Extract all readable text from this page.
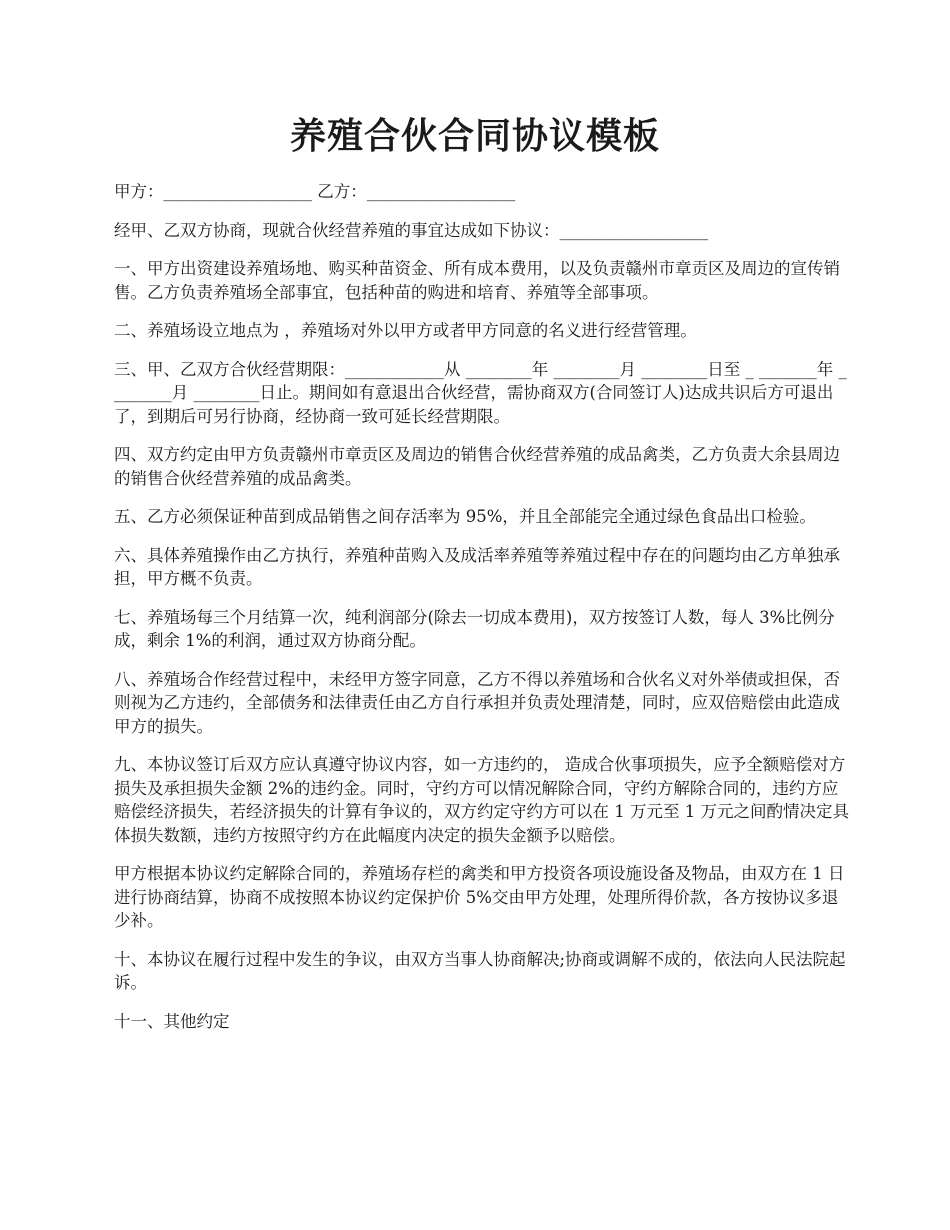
养殖合伙合同协议模板

甲方：__________________ 乙方：__________________

经甲、乙双方协商，现就合伙经营养殖的事宜达成如下协议：__________________

一、甲方出资建设养殖场地、购买种苗资金、所有成本费用，以及负责赣州市章贡区及周边的宣传销售。乙方负责养殖场全部事宜，包括种苗的购进和培育、养殖等全部事项。

二、养殖场设立地点为 ，养殖场对外以甲方或者甲方同意的名义进行经营管理。

三、甲、乙双方合伙经营期限：____________从 ________年 ________月 ________日至 _ _______年 ________月 ________日止。期间如有意退出合伙经营，需协商双方(合同签订人)达成共识后方可退出了，到期后可另行协商，经协商一致可延长经营期限。

四、双方约定由甲方负责赣州市章贡区及周边的销售合伙经营养殖的成品禽类，乙方负责大余县周边的销售合伙经营养殖的成品禽类。

五、乙方必须保证种苗到成品销售之间存活率为 95%，并且全部能完全通过绿色食品出口检验。

六、具体养殖操作由乙方执行，养殖种苗购入及成活率养殖等养殖过程中存在的问题均由乙方单独承担，甲方概不负责。

七、养殖场每三个月结算一次，纯利润部分(除去一切成本费用)，双方按签订人数，每人 3%比例分成，剩余 1%的利润，通过双方协商分配。

八、养殖场合作经营过程中，未经甲方签字同意，乙方不得以养殖场和合伙名义对外举债或担保，否则视为乙方违约，全部债务和法律责任由乙方自行承担并负责处理清楚，同时，应双倍赔偿由此造成甲方的损失。

九、本协议签订后双方应认真遵守协议内容，如一方违约的， 造成合伙事项损失，应予全额赔偿对方损失及承担损失金额 2%的违约金。同时，守约方可以情况解除合同，守约方解除合同的，违约方应赔偿经济损失，若经济损失的计算有争议的，双方约定守约方可以在 1 万元至 1 万元之间酌情决定具体损失数额，违约方按照守约方在此幅度内决定的损失金额予以赔偿。

甲方根据本协议约定解除合同的，养殖场存栏的禽类和甲方投资各项设施设备及物品，由双方在 1 日进行协商结算，协商不成按照本协议约定保护价 5%交由甲方处理，处理所得价款，各方按协议多退少补。

十、本协议在履行过程中发生的争议，由双方当事人协商解决;协商或调解不成的，依法向人民法院起诉。

十一、其他约定
